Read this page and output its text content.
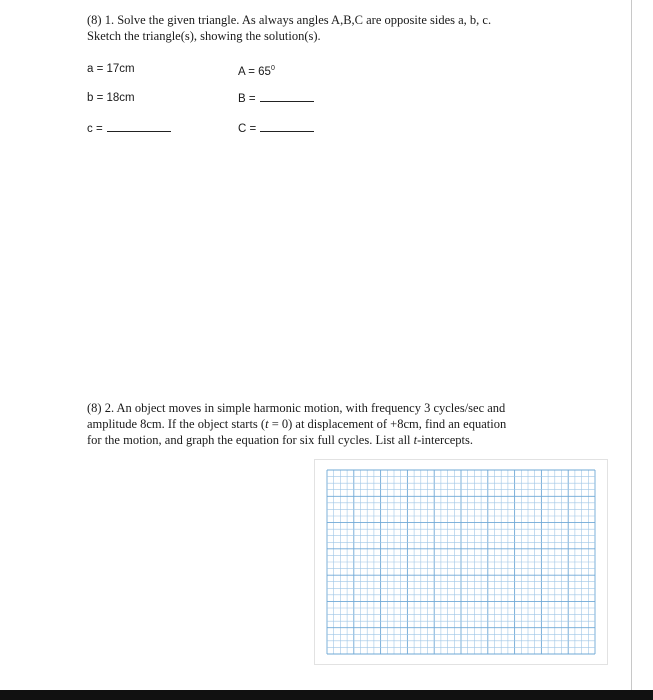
(8) 1. Solve the given triangle. As always angles A,B,C are opposite sides a, b, c.
Sketch the triangle(s), showing the solution(s).
a = 17cm	$A = 65^0$
b = 18cm	B =
c =	C =
(8) 2. An object moves in simple harmonic motion, with frequency 3 cycles/sec and
amplitude 8cm. If the object starts (t = 0) at displacement of +8cm, find an equation
for the motion, and graph the equation for six full cycles. List all t-intercepts.
